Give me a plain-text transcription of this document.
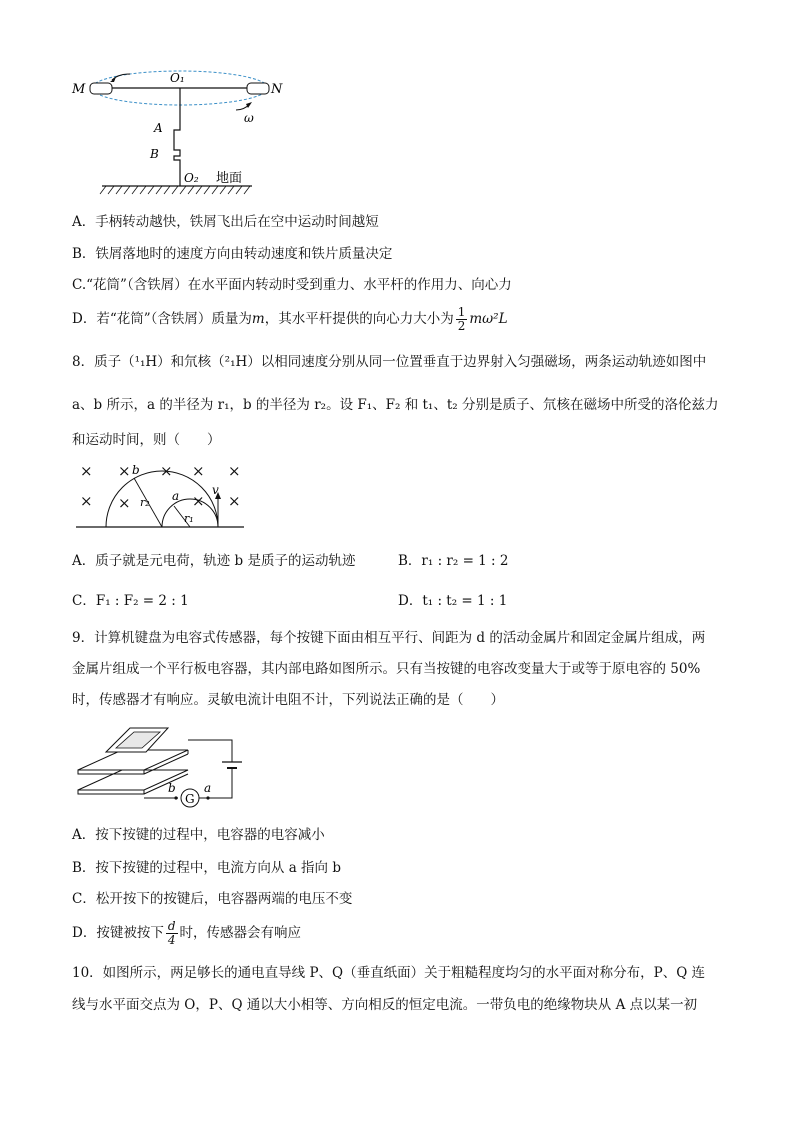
M	N
O₁
A
B
O₂ 地面
ω
A．手柄转动越快，铁屑飞出后在空中运动时间越短
B．铁屑落地时的速度方向由转动速度和铁片质量决定
C.“花筒”（含铁屑）在水平面内转动时受到重力、水平杆的作用力、向心力
D．若“花筒”（含铁屑）质量为m，其水平杆提供的向心力大小为 $\frac{1}{2} m\omega^2L$
8．质子（¹₁H）和氘核（²₁H）以相同速度分别从同一位置垂直于边界射入匀强磁场，两条运动轨迹如图中
a、b 所示，a 的半径为 r₁，b 的半径为 r₂。设 F₁、F₂ 和 t₁、t₂ 分别是质子、氘核在磁场中所受的洛伦兹力
和运动时间，则（　　）
× × × × ×
× ×	× ×
b
a
r₂
r₁
v
A．质子就是元电荷，轨迹 b 是质子的运动轨迹	B．r₁ : r₂ = 1 : 2
C．F₁ : F₂ = 2 : 1	D．t₁ : t₂ = 1 : 1
9．计算机键盘为电容式传感器，每个按键下面由相互平行、间距为 d 的活动金属片和固定金属片组成，两
金属片组成一个平行板电容器，其内部电路如图所示。只有当按键的电容改变量大于或等于原电容的 50%
时，传感器才有响应。灵敏电流计电阻不计，下列说法正确的是（　　）
G
b a
A．按下按键的过程中，电容器的电容减小
B．按下按键的过程中，电流方向从 a 指向 b
C．松开按下的按键后，电容器两端的电压不变
D．按键被按下 $\frac{d}{4}$ 时，传感器会有响应
10．如图所示，两足够长的通电直导线 P、Q（垂直纸面）关于粗糙程度均匀的水平面对称分布，P、Q 连
线与水平面交点为 O，P、Q 通以大小相等、方向相反的恒定电流。一带负电的绝缘物块从 A 点以某一初
